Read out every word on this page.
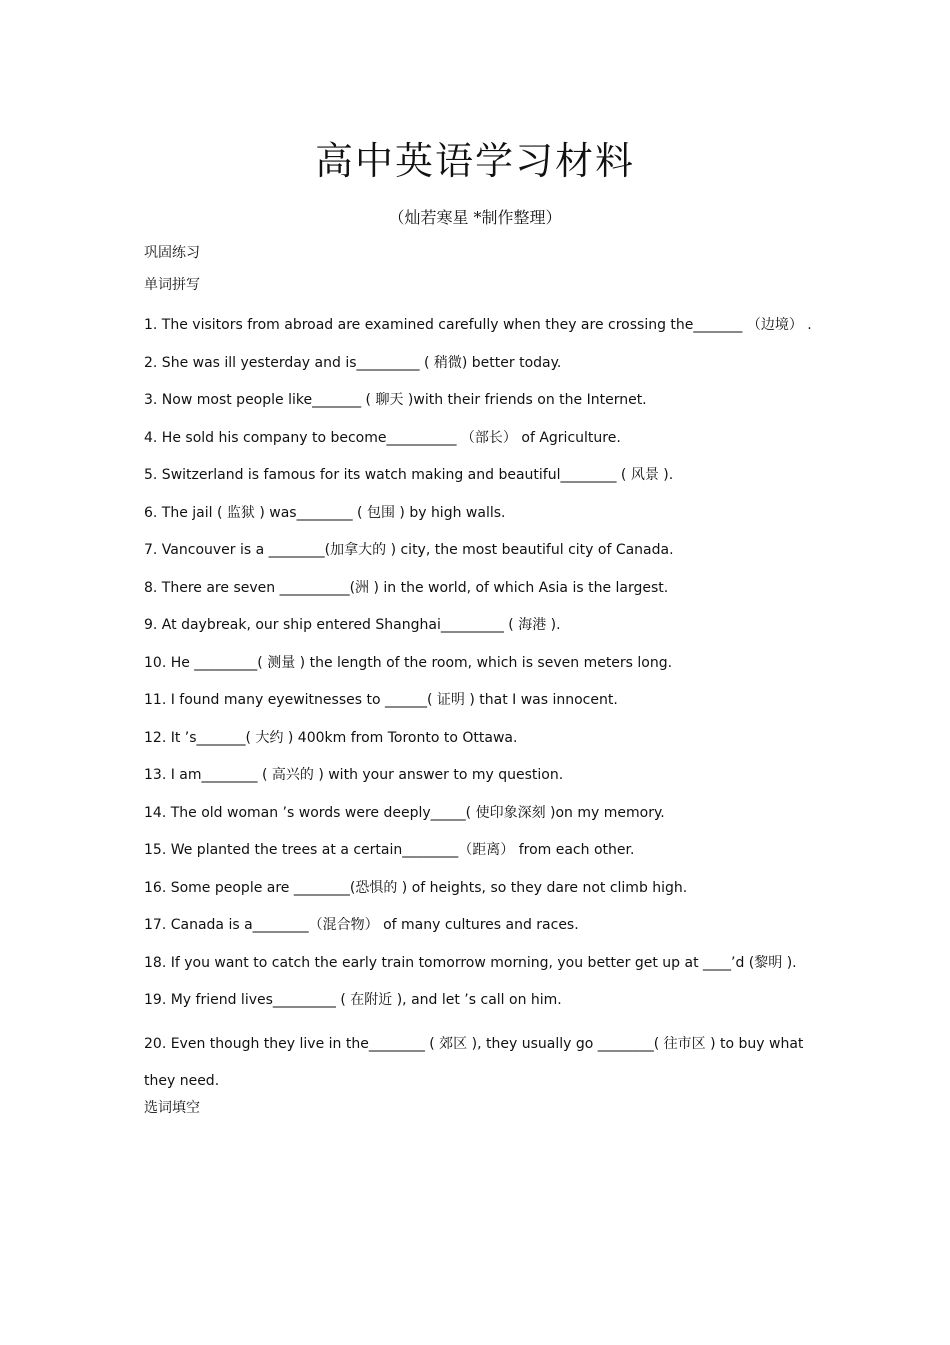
高中英语学习材料
（灿若寒星 *制作整理）
巩固练习
单词拼写
1. The visitors from abroad are examined carefully when they are crossing the_______ （边境） .
2. She was ill yesterday and is_________ ( 稍微) better today.
3. Now most people like_______ ( 聊天 )with their friends on the Internet.
4. He sold his company to become__________ （部长） of Agriculture.
5. Switzerland is famous for its watch making and beautiful________ ( 风景 ).
6. The jail ( 监狱 ) was________ ( 包围 ) by high walls.
7. Vancouver is a ________(加拿大的 ) city, the most beautiful city of Canada.
8. There are seven __________(洲 ) in the world, of which Asia is the largest.
9. At daybreak, our ship entered Shanghai_________ ( 海港 ).
10. He _________( 测量 ) the length of the room, which is seven meters long.
11. I found many eyewitnesses to ______( 证明 ) that I was innocent.
12. It ’s_______( 大约 ) 400km from Toronto to Ottawa.
13. I am________ ( 高兴的 ) with your answer to my question.
14. The old woman ’s words were deeply_____( 使印象深刻 )on my memory.
15. We planted the trees at a certain________（距离） from each other.
16. Some people are ________(恐惧的 ) of heights, so they dare not climb high.
17. Canada is a________（混合物） of many cultures and races.
18. If you want to catch the early train tomorrow morning, you better get up at ____’d (黎明 ).
19. My friend lives_________ ( 在附近 ), and let ’s call on him.
20. Even though they live in the________ ( 郊区 ), they usually go ________( 往市区 ) to buy what they need.
选词填空
